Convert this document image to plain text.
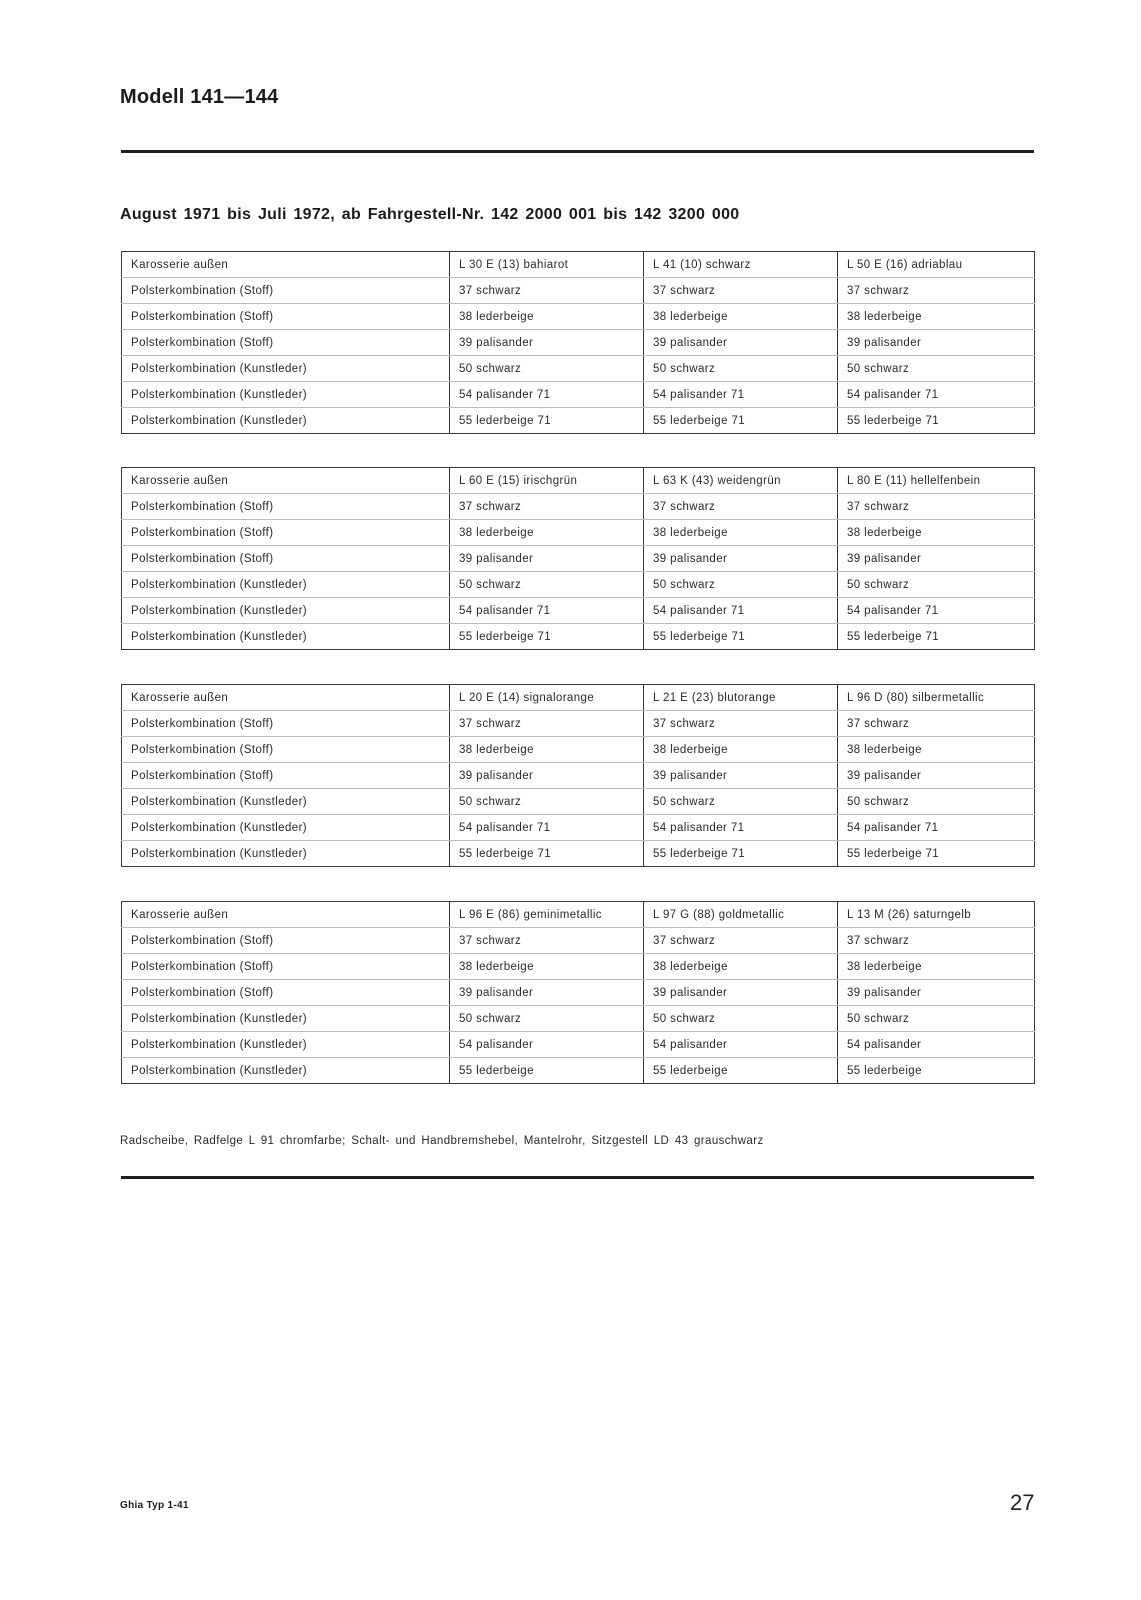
Modell 141—144
August 1971 bis Juli 1972, ab Fahrgestell-Nr. 142 2000 001 bis 142 3200 000
Karosserie außen	L 30 E (13) bahiarot	L 41 (10) schwarz	L 50 E (16) adriablau
Polsterkombination (Stoff)	37 schwarz	37 schwarz	37 schwarz
Polsterkombination (Stoff)	38 lederbeige	38 lederbeige	38 lederbeige
Polsterkombination (Stoff)	39 palisander	39 palisander	39 palisander
Polsterkombination (Kunstleder)	50 schwarz	50 schwarz	50 schwarz
Polsterkombination (Kunstleder)	54 palisander 71	54 palisander 71	54 palisander 71
Polsterkombination (Kunstleder)	55 lederbeige 71	55 lederbeige 71	55 lederbeige 71
Karosserie außen	L 60 E (15) irischgrün	L 63 K (43) weidengrün	L 80 E (11) hellelfenbein
Polsterkombination (Stoff)	37 schwarz	37 schwarz	37 schwarz
Polsterkombination (Stoff)	38 lederbeige	38 lederbeige	38 lederbeige
Polsterkombination (Stoff)	39 palisander	39 palisander	39 palisander
Polsterkombination (Kunstleder)	50 schwarz	50 schwarz	50 schwarz
Polsterkombination (Kunstleder)	54 palisander 71	54 palisander 71	54 palisander 71
Polsterkombination (Kunstleder)	55 lederbeige 71	55 lederbeige 71	55 lederbeige 71
Karosserie außen	L 20 E (14) signalorange	L 21 E (23) blutorange	L 96 D (80) silbermetallic
Polsterkombination (Stoff)	37 schwarz	37 schwarz	37 schwarz
Polsterkombination (Stoff)	38 lederbeige	38 lederbeige	38 lederbeige
Polsterkombination (Stoff)	39 palisander	39 palisander	39 palisander
Polsterkombination (Kunstleder)	50 schwarz	50 schwarz	50 schwarz
Polsterkombination (Kunstleder)	54 palisander 71	54 palisander 71	54 palisander 71
Polsterkombination (Kunstleder)	55 lederbeige 71	55 lederbeige 71	55 lederbeige 71
Karosserie außen	L 96 E (86) geminimetallic	L 97 G (88) goldmetallic	L 13 M (26) saturngelb
Polsterkombination (Stoff)	37 schwarz	37 schwarz	37 schwarz
Polsterkombination (Stoff)	38 lederbeige	38 lederbeige	38 lederbeige
Polsterkombination (Stoff)	39 palisander	39 palisander	39 palisander
Polsterkombination (Kunstleder)	50 schwarz	50 schwarz	50 schwarz
Polsterkombination (Kunstleder)	54 palisander	54 palisander	54 palisander
Polsterkombination (Kunstleder)	55 lederbeige	55 lederbeige	55 lederbeige
Radscheibe, Radfelge L 91 chromfarbe; Schalt- und Handbremshebel, Mantelrohr, Sitzgestell LD 43 grauschwarz
Ghia Typ 1-41	27
